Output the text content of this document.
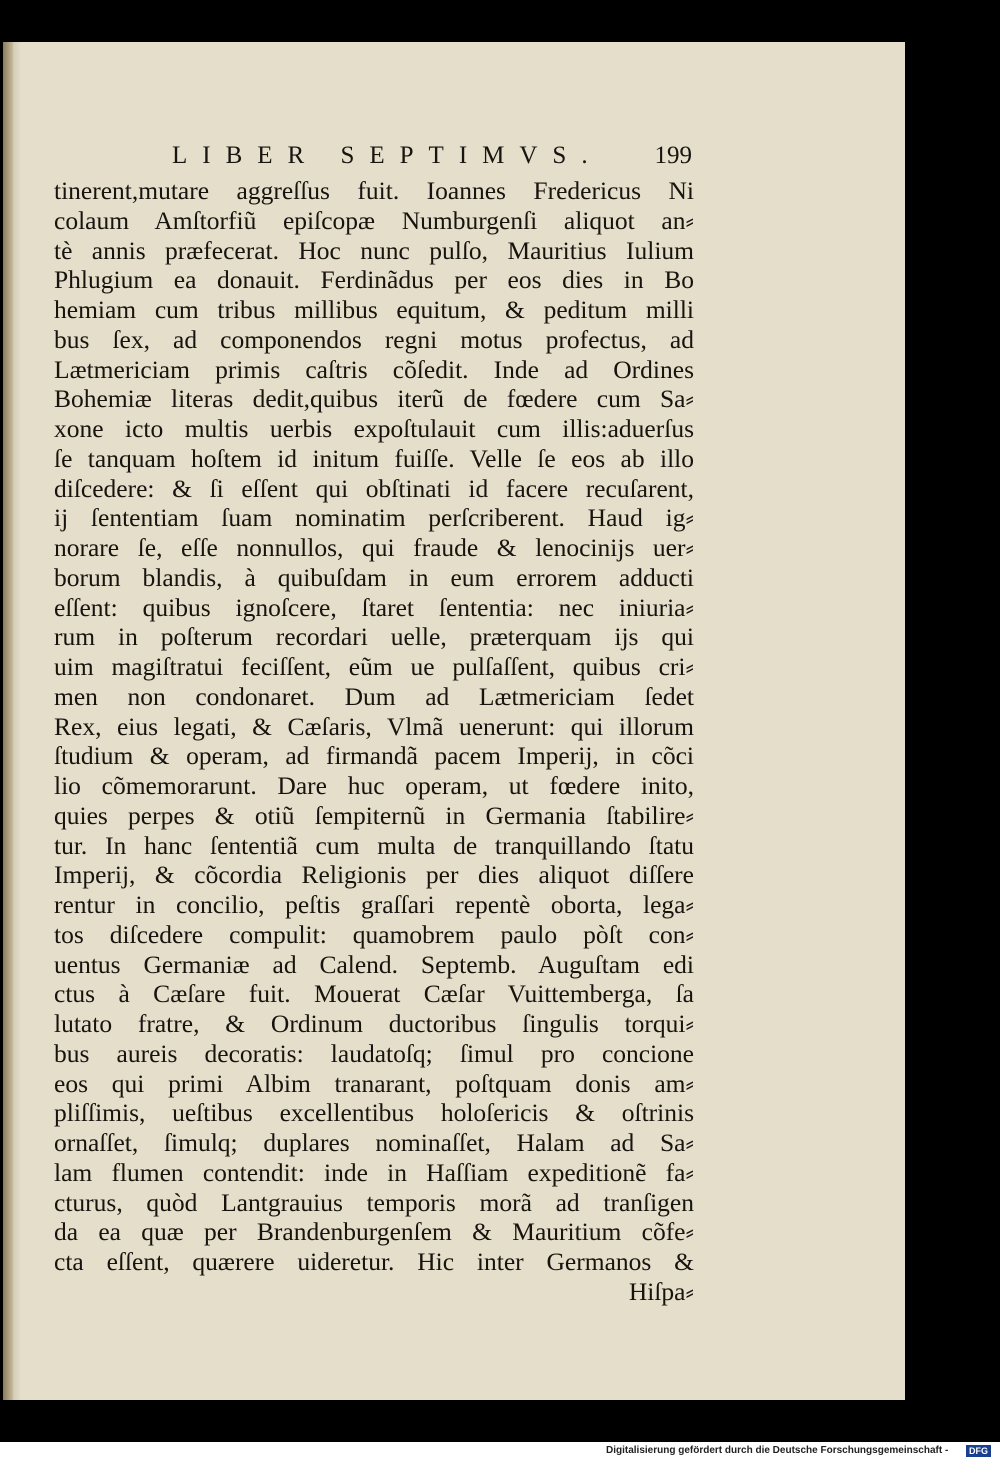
LIBER SEPTIMVS. 199
tinerent,mutare aggreſſus fuit. Ioannes Fredericus Ni
colaum Amſtorfiũ epiſcopæ Numburgenſi aliquot an⸗
tè annis præfecerat. Hoc nunc pulſo, Mauritius Iulium
Phlugium ea donauit. Ferdinãdus per eos dies in Bo
hemiam cum tribus millibus equitum, & peditum milli
bus ſex, ad componendos regni motus profectus, ad
Lætmericiam primis caſtris cõſedit. Inde ad Ordines
Bohemiæ literas dedit,quibus iterũ de fœdere cum Sa⸗
xone icto multis uerbis expoſtulauit cum illis:aduerſus
ſe tanquam hoſtem id initum fuiſſe. Velle ſe eos ab illo
diſcedere: & ſi eſſent qui obſtinati id facere recuſarent,
ij ſententiam ſuam nominatim perſcriberent. Haud ig⸗
norare ſe, eſſe nonnullos, qui fraude & lenocinijs uer⸗
borum blandis, à quibuſdam in eum errorem adducti
eſſent: quibus ignoſcere, ſtaret ſententia: nec iniuria⸗
rum in poſterum recordari uelle, præterquam ijs qui
uim magiſtratui feciſſent, eũm ue pulſaſſent, quibus cri⸗
men non condonaret. Dum ad Lætmericiam ſedet
Rex, eius legati, & Cæſaris, Vlmã uenerunt: qui illorum
ſtudium & operam, ad firmandã pacem Imperij, in cõci
lio cõmemorarunt. Dare huc operam, ut fœdere inito,
quies perpes & otiũ ſempiternũ in Germania ſtabilire⸗
tur. In hanc ſententiã cum multa de tranquillando ſtatu
Imperij, & cõcordia Religionis per dies aliquot diſſere
rentur in concilio, peſtis graſſari repentè oborta, lega⸗
tos diſcedere compulit: quamobrem paulo pòſt con⸗
uentus Germaniæ ad Calend. Septemb. Auguſtam edi
ctus à Cæſare fuit. Mouerat Cæſar Vuittemberga, ſa
lutato fratre, & Ordinum ductoribus ſingulis torqui⸗
bus aureis decoratis: laudatoſq; ſimul pro concione
eos qui primi Albim tranarant, poſtquam donis am⸗
pliſſimis, ueſtibus excellentibus holoſericis & oſtrinis
ornaſſet, ſimulq; duplares nominaſſet, Halam ad Sa⸗
lam flumen contendit: inde in Haſſiam expeditionẽ fa⸗
cturus, quòd Lantgrauius temporis morã ad tranſigen
da ea quæ per Brandenburgenſem & Mauritium cõfe⸗
cta eſſent, quærere uideretur. Hic inter Germanos &
Hiſpa⸗
Digitalisierung gefördert durch die Deutsche Forschungsgemeinschaft -	DFG
